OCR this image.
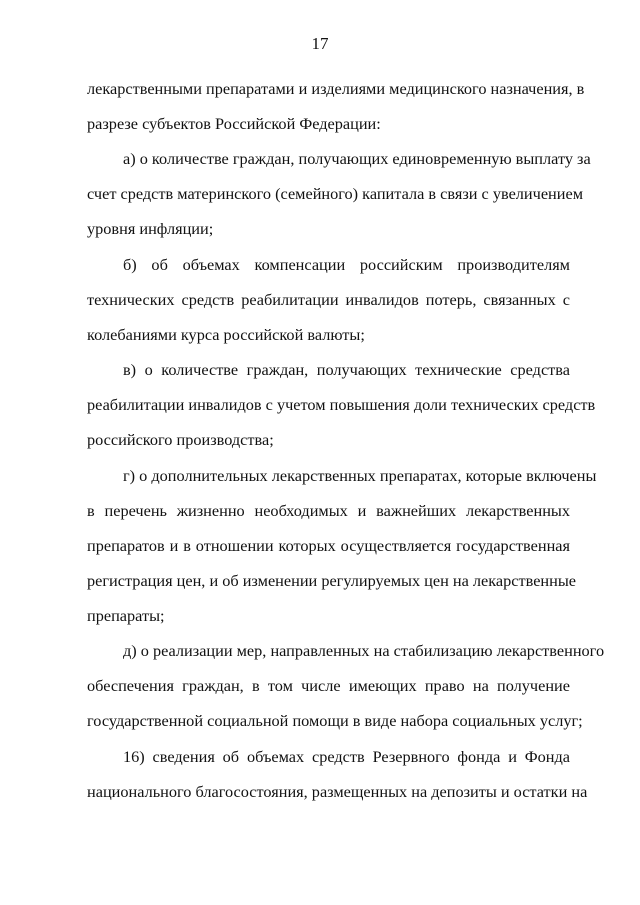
17
лекарственными препаратами и изделиями медицинского назначения, в
разрезе субъектов Российской Федерации:
а) о количестве граждан, получающих единовременную выплату за
счет средств материнского (семейного) капитала в связи с увеличением
уровня инфляции;
б) об объемах компенсации российским производителям
технических средств реабилитации инвалидов потерь, связанных с
колебаниями курса российской валюты;
в) о количестве граждан, получающих технические средства
реабилитации инвалидов с учетом повышения доли технических средств
российского производства;
г) о дополнительных лекарственных препаратах, которые включены
в перечень жизненно необходимых и важнейших лекарственных
препаратов и в отношении которых осуществляется государственная
регистрация цен, и об изменении регулируемых цен на лекарственные
препараты;
д) о реализации мер, направленных на стабилизацию лекарственного
обеспечения граждан, в том числе имеющих право на получение
государственной социальной помощи в виде набора социальных услуг;
16) сведения об объемах средств Резервного фонда и Фонда
национального благосостояния, размещенных на депозиты и остатки на
